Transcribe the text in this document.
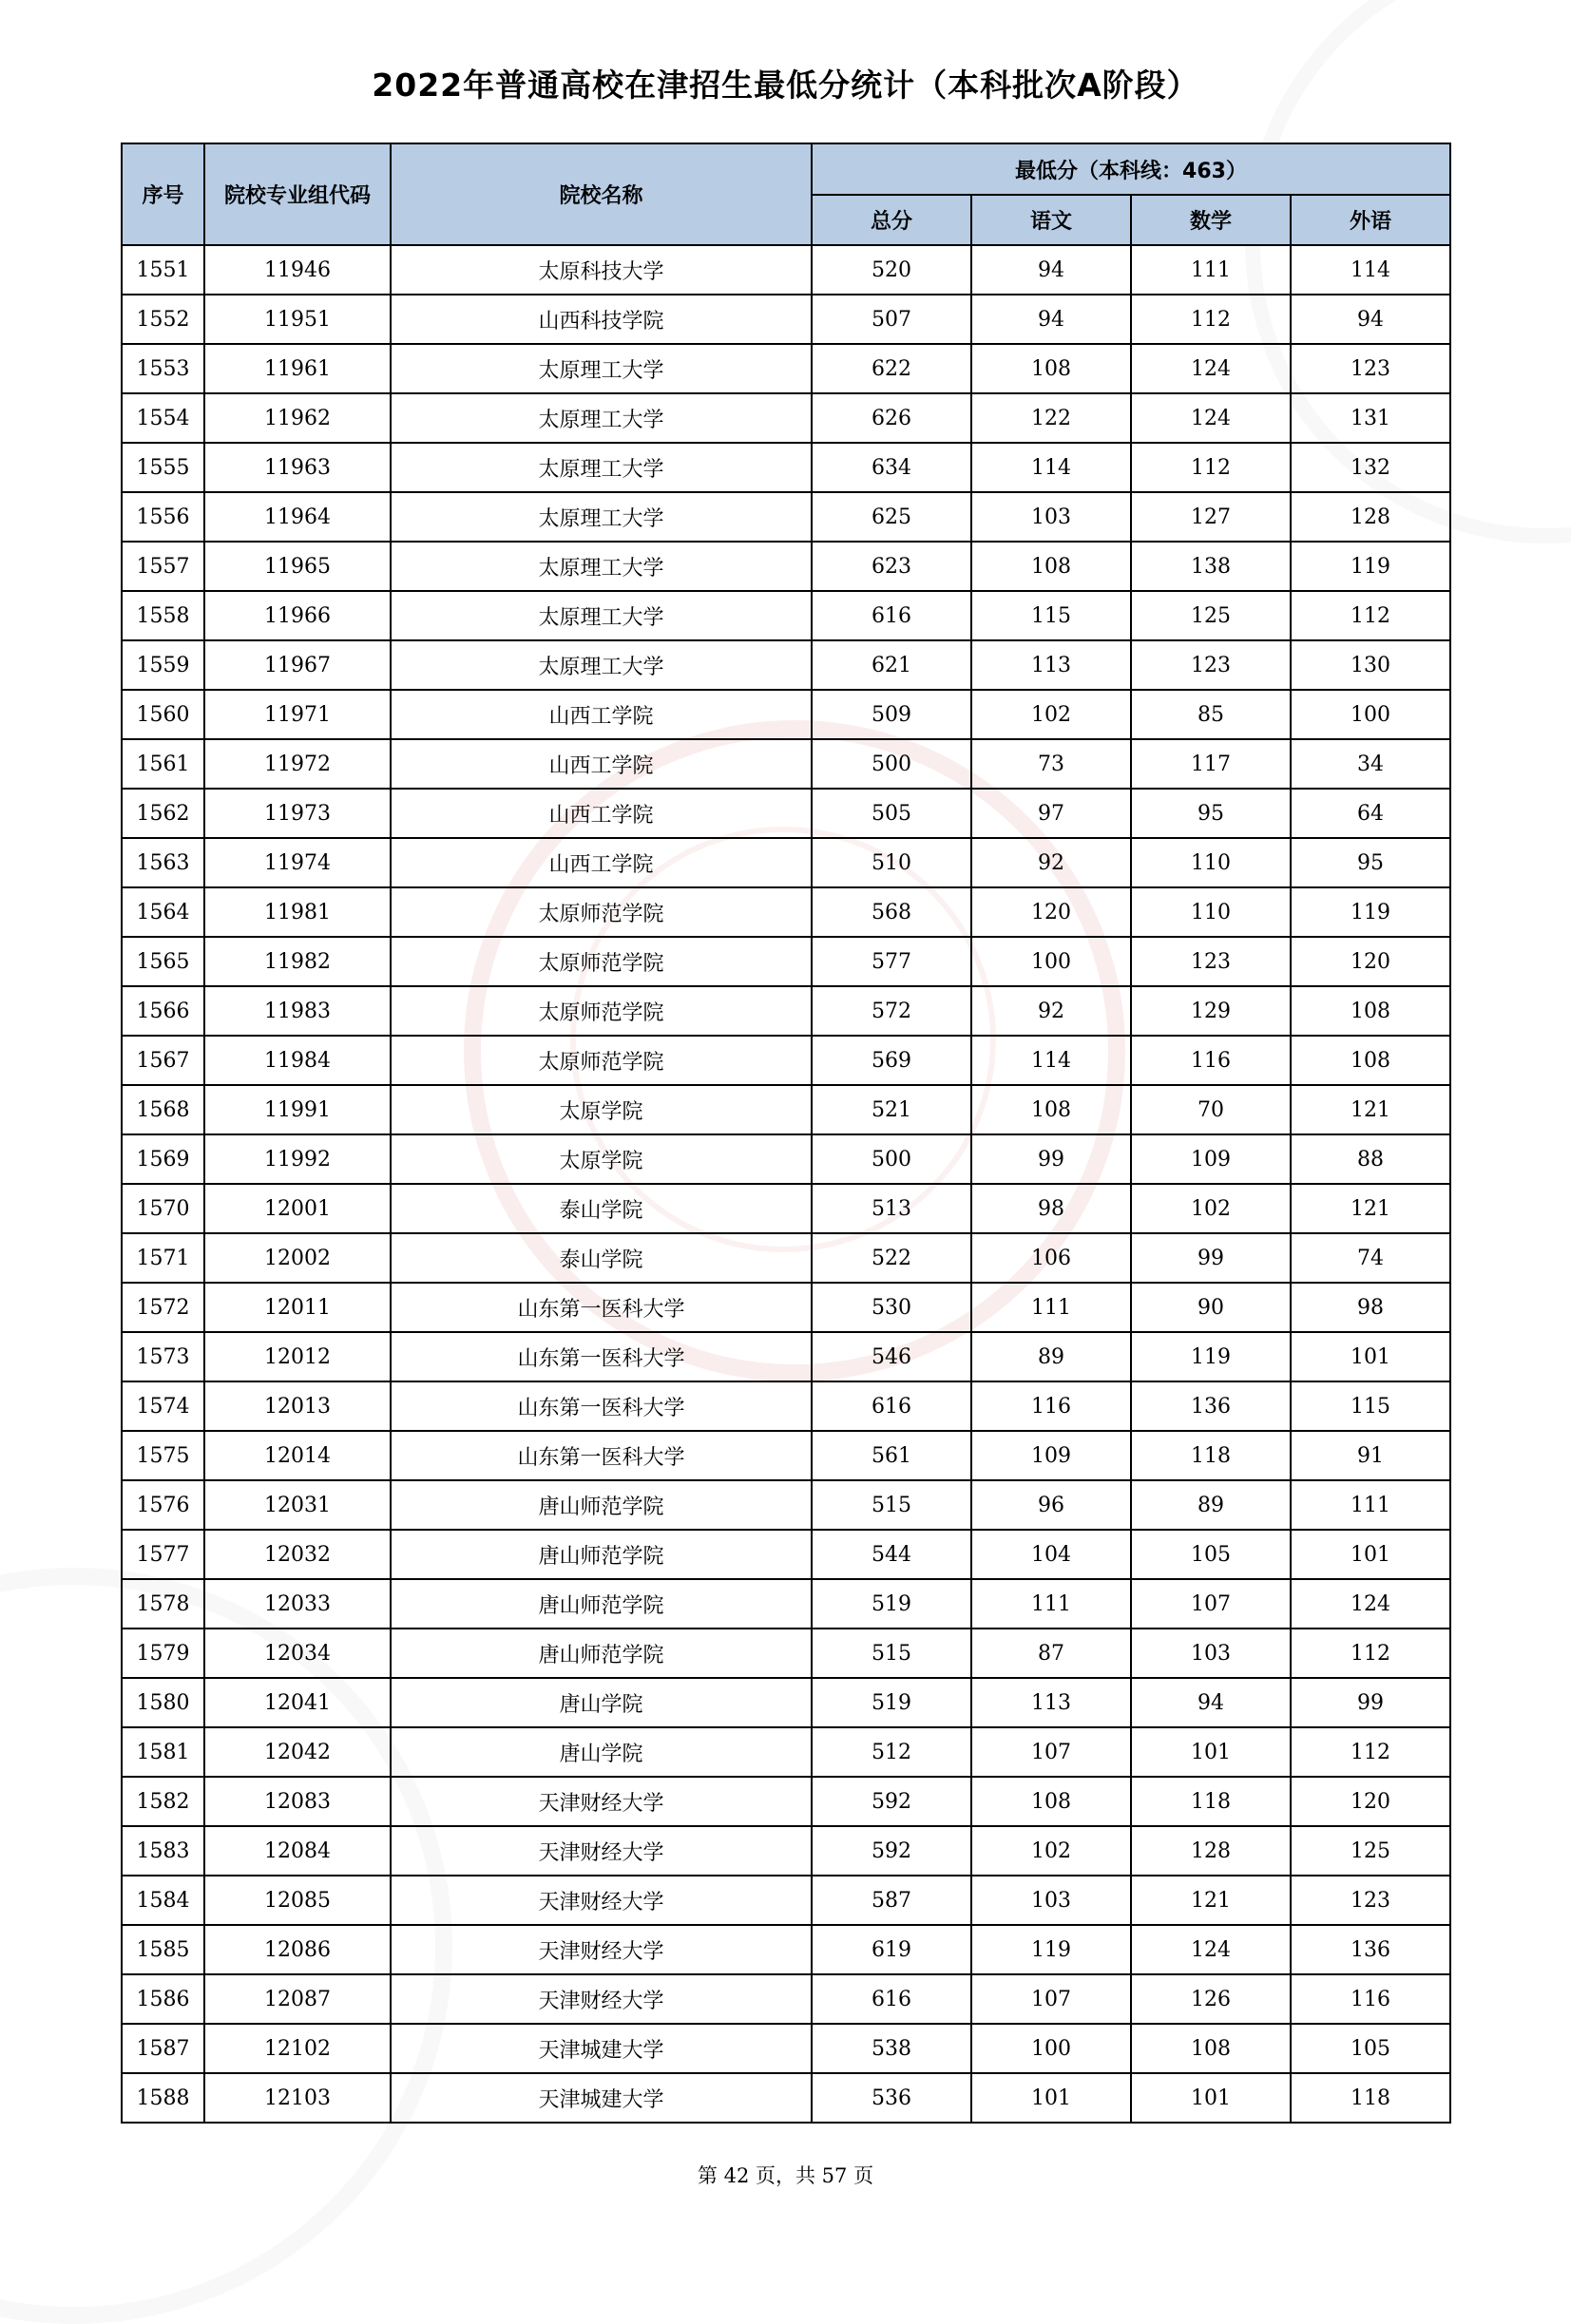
2022年普通高校在津招生最低分统计（本科批次A阶段）
序号	院校专业组代码	院校名称	最低分（本科线：463）			
			总分	语文	数学	外语
1551	11946	太原科技大学	520	94	111	114
1552	11951	山西科技学院	507	94	112	94
1553	11961	太原理工大学	622	108	124	123
1554	11962	太原理工大学	626	122	124	131
1555	11963	太原理工大学	634	114	112	132
1556	11964	太原理工大学	625	103	127	128
1557	11965	太原理工大学	623	108	138	119
1558	11966	太原理工大学	616	115	125	112
1559	11967	太原理工大学	621	113	123	130
1560	11971	山西工学院	509	102	85	100
1561	11972	山西工学院	500	73	117	34
1562	11973	山西工学院	505	97	95	64
1563	11974	山西工学院	510	92	110	95
1564	11981	太原师范学院	568	120	110	119
1565	11982	太原师范学院	577	100	123	120
1566	11983	太原师范学院	572	92	129	108
1567	11984	太原师范学院	569	114	116	108
1568	11991	太原学院	521	108	70	121
1569	11992	太原学院	500	99	109	88
1570	12001	泰山学院	513	98	102	121
1571	12002	泰山学院	522	106	99	74
1572	12011	山东第一医科大学	530	111	90	98
1573	12012	山东第一医科大学	546	89	119	101
1574	12013	山东第一医科大学	616	116	136	115
1575	12014	山东第一医科大学	561	109	118	91
1576	12031	唐山师范学院	515	96	89	111
1577	12032	唐山师范学院	544	104	105	101
1578	12033	唐山师范学院	519	111	107	124
1579	12034	唐山师范学院	515	87	103	112
1580	12041	唐山学院	519	113	94	99
1581	12042	唐山学院	512	107	101	112
1582	12083	天津财经大学	592	108	118	120
1583	12084	天津财经大学	592	102	128	125
1584	12085	天津财经大学	587	103	121	123
1585	12086	天津财经大学	619	119	124	136
1586	12087	天津财经大学	616	107	126	116
1587	12102	天津城建大学	538	100	108	105
1588	12103	天津城建大学	536	101	101	118
第 42 页，共 57 页
